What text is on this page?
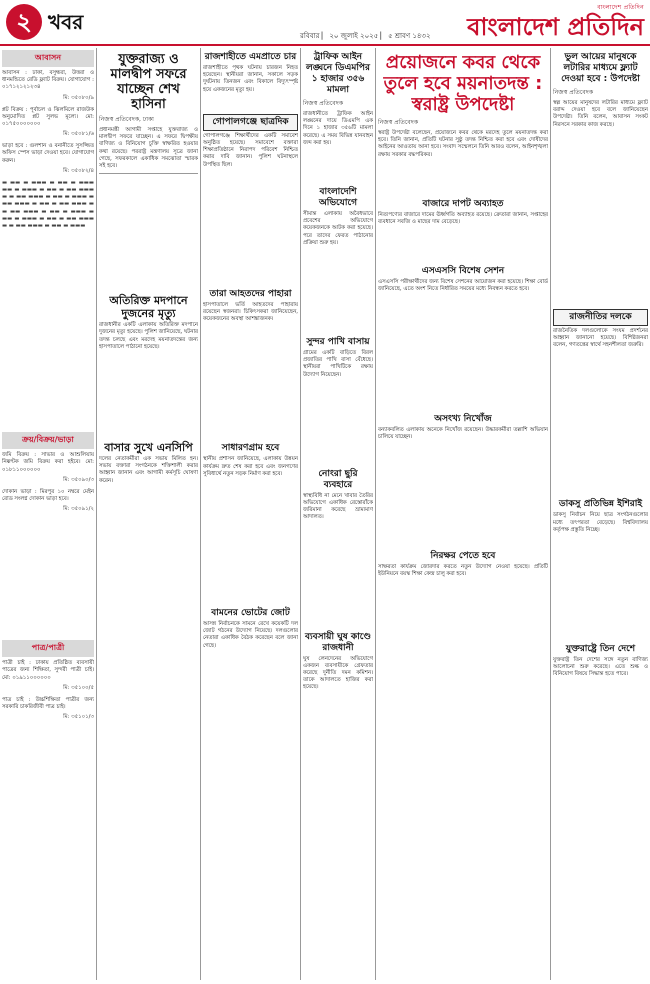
২ খবর
রবিবার ▏ ২০ জুলাই ২০২৫ ▏ ৫ শ্রাবণ ১৪৩২
বাংলাদেশ প্রতিদিন
বাংলাদেশ প্রতিদিন
আবাসন

আবাসন : ঢাকা, বসুন্ধরা, উত্তরা ও ধানমন্ডিতে রেডি ফ্ল্যাট বিক্রয়। যোগাযোগ : ০১৭১২১২১২৩৪

মি: ৩৫০৮০/৯

প্লট বিক্রয় : পূর্বাচল ও ঝিলমিলে রাজউক অনুমোদিত প্লট সুলভ মূল্যে। মো: ০১৭৫০০০০০০০

মি: ৩৫০৮১/৬

ভাড়া হবে : গুলশান ও বনানীতে সুসজ্জিত অফিস স্পেস ভাড়া দেওয়া হবে। যোগাযোগ করুন।

মি: ৩৫০৮২/৪

▬ ▬▬ ▬ ▬▬▬ ▬ ▬▬ ▬ ▬▬▬ ▬▬ ▬ ▬▬▬ ▬ ▬▬ ▬ ▬▬ ▬▬▬ ▬ ▬ ▬▬ ▬▬▬ ▬ ▬▬ ▬ ▬▬▬ ▬ ▬▬ ▬▬▬ ▬ ▬▬ ▬ ▬▬ ▬▬▬ ▬ ▬ ▬▬ ▬▬▬ ▬ ▬▬ ▬ ▬▬▬ ▬ ▬▬ ▬ ▬▬▬ ▬ ▬▬ ▬ ▬▬ ▬▬▬ ▬ ▬ ▬▬ ▬▬▬ ▬ ▬▬ ▬ ▬▬▬

ক্রয়/বিক্রয়/ভাড়া

জমি বিক্রয় : সাভার ও আশুলিয়ায় নিষ্কণ্টক জমি বিক্রয় করা হইবে। মো: ০১৮১১০০০০০০

মি: ৩৫০৯০/৩

দোকান ভাড়া : মিরপুর ১০ নম্বরে মেইন রোড সংলগ্ন দোকান ভাড়া হবে।

মি: ৩৫০৯১/২
পাত্র/পাত্রী

পাত্রী চাই : ঢাকায় প্রতিষ্ঠিত ব্যবসায়ী পাত্রের জন্য শিক্ষিতা, সুন্দরী পাত্রী চাই। মো: ০১৯১১০০০০০০

মি: ৩৫১০০/৫

পাত্র চাই : উচ্চশিক্ষিতা পাত্রীর জন্য সরকারি চাকরিজীবী পাত্র চাই।

মি: ৩৫১০১/৩
যুক্তরাজ্য ও মালদ্বীপ সফরে যাচ্ছেন শেখ হাসিনা
নিজস্ব প্রতিবেদক, ঢাকা

প্রধানমন্ত্রী আগামী সপ্তাহে যুক্তরাজ্য ও মালদ্বীপ সফরে যাচ্ছেন। এ সফরে দ্বিপক্ষীয় বাণিজ্য ও বিনিয়োগ চুক্তি স্বাক্ষরিত হওয়ার কথা রয়েছে। পররাষ্ট্র মন্ত্রণালয় সূত্রে জানা গেছে, সফরকালে একাধিক সমঝোতা স্মারক সই হবে।

অতিরিক্ত মদপানে দুজনের মৃত্যু

রাজধানীর একটি এলাকায় অতিরিক্ত মদপানে দুজনের মৃত্যু হয়েছে। পুলিশ জানিয়েছে, ঘটনার তদন্ত চলছে এবং মরদেহ ময়নাতদন্তের জন্য হাসপাতালে পাঠানো হয়েছে।

বাসার সুখে এনসিপি

দলের নেতাকর্মীরা এক সভায় মিলিত হন। সভায় বক্তারা সংগঠনকে শক্তিশালী করার আহ্বান জানান এবং আগামী কর্মসূচি ঘোষণা করেন।

রাজশাহীতে এমপ্রাতে চার

রাজশাহীতে পৃথক ঘটনায় চারজন নিহত হয়েছেন। স্থানীয়রা জানান, সকালে সড়ক দুর্ঘটনায় তিনজন এবং বিকালে বিদ্যুৎস্পৃষ্ট হয়ে একজনের মৃত্যু হয়।

গোপালগঞ্জে ছাত্রদিক

গোপালগঞ্জে শিক্ষার্থীদের একটি সমাবেশ অনুষ্ঠিত হয়েছে। সমাবেশে বক্তারা শিক্ষাপ্রতিষ্ঠানে নিরাপদ পরিবেশ নিশ্চিত করার দাবি জানান। পুলিশ ঘটনাস্থলে উপস্থিত ছিল।

তারা আহতদের পাহারা

হাসপাতালে ভর্তি আহতদের পাহারায় রয়েছেন স্বজনরা। চিকিৎসকরা জানিয়েছেন, কয়েকজনের অবস্থা আশঙ্কাজনক।

সাধারণগ্রাম হবে

স্থানীয় প্রশাসন জানিয়েছে, এলাকায় উন্নয়ন কার্যক্রম দ্রুত শেষ করা হবে এবং জনগণের সুবিধার্থে নতুন সড়ক নির্মাণ করা হবে।

বামনের ভোটের জোট

আসন্ন নির্বাচনকে সামনে রেখে কয়েকটি দল জোট গঠনের উদ্যোগ নিয়েছে। দলগুলোর নেতারা একাধিক বৈঠক করেছেন বলে জানা গেছে।

ট্রাফিক আইন লঙ্ঘনে ডিএমপির ১ হাজার ৩৫৬ মামলা
নিজস্ব প্রতিবেদক

রাজধানীতে ট্রাফিক আইন লঙ্ঘনের দায়ে ডিএমপি এক দিনে ১ হাজার ৩৫৬টি মামলা করেছে। এ সময় বিভিন্ন যানবাহন জব্দ করা হয়।

বাংলাদেশি অভিযোগে

সীমান্ত এলাকায় অবৈধভাবে প্রবেশের অভিযোগে কয়েকজনকে আটক করা হয়েছে। পরে তাদের ফেরত পাঠানোর প্রক্রিয়া শুরু হয়।

সুন্দর পাখি বাসায়

গ্রামের একটি বাড়িতে বিরল প্রজাতির পাখি বাসা বেঁধেছে। স্থানীয়রা পাখিটিকে রক্ষায় উদ্যোগ নিয়েছেন।

নোংরা ছুরি ব্যবহারে

স্বাস্থ্যবিধি না মেনে খাবার তৈরির অভিযোগে একাধিক রেস্তোরাঁকে জরিমানা করেছে ভ্রাম্যমাণ আদালত।

ব্যবসায়ী ঘুষ কাণ্ডে রাজধানী

ঘুষ লেনদেনের অভিযোগে একজন ব্যবসায়ীকে গ্রেফতার করেছে দুর্নীতি দমন কমিশন। তাকে আদালতে হাজির করা হয়েছে।

প্রয়োজনে কবর থেকে তুলে হবে ময়নাতদন্ত : স্বরাষ্ট্র উপদেষ্টা
নিজস্ব প্রতিবেদক

স্বরাষ্ট্র উপদেষ্টা বলেছেন, প্রয়োজনে কবর থেকে মরদেহ তুলে ময়নাতদন্ত করা হবে। তিনি জানান, প্রতিটি ঘটনার সুষ্ঠু তদন্ত নিশ্চিত করা হবে এবং দোষীদের আইনের আওতায় আনা হবে। সংবাদ সম্মেলনে তিনি আরও বলেন, আইনশৃঙ্খলা রক্ষায় সরকার বদ্ধপরিকর।

বাজারে দাপট অব্যাহত

নিত্যপণ্যের বাজারে দামের ঊর্ধ্বগতি অব্যাহত রয়েছে। ক্রেতারা জানান, সপ্তাহের ব্যবধানে সবজি ও মাছের দাম বেড়েছে।

এসএসসি বিশেষ সেশন

এসএসসি পরীক্ষার্থীদের জন্য বিশেষ সেশনের আয়োজন করা হয়েছে। শিক্ষা বোর্ড জানিয়েছে, এতে অংশ নিতে নির্ধারিত সময়ের মধ্যে নিবন্ধন করতে হবে।

অসংখ্য নিখোঁজ

বন্যাকবলিত এলাকায় অনেকে নিখোঁজ রয়েছেন। উদ্ধারকর্মীরা তল্লাশি অভিযান চালিয়ে যাচ্ছেন।

নিরক্ষর পেতে হবে

সাক্ষরতা কার্যক্রম জোরদার করতে নতুন উদ্যোগ নেওয়া হয়েছে। প্রতিটি ইউনিয়নে বয়স্ক শিক্ষা কেন্দ্র চালু করা হবে।

ভুল আয়ের মানুষকে লটারির মাধ্যমে ফ্ল্যাট দেওয়া হবে : উপদেষ্টা
নিজস্ব প্রতিবেদক

স্বল্প আয়ের মানুষদের লটারির মাধ্যমে ফ্ল্যাট বরাদ্দ দেওয়া হবে বলে জানিয়েছেন উপদেষ্টা। তিনি বলেন, আবাসন সংকট নিরসনে সরকার কাজ করছে।

রাজনীতির দলকে

রাজনৈতিক দলগুলোকে সংযম প্রদর্শনের আহ্বান জানানো হয়েছে। বিশিষ্টজনরা বলেন, গণতন্ত্রের স্বার্থে সহনশীলতা জরুরি।

ডাকসু প্রতিভিন্ন ইশিরাই

ডাকসু নির্বাচন নিয়ে ছাত্র সংগঠনগুলোর মধ্যে তৎপরতা বেড়েছে। বিশ্ববিদ্যালয় কর্তৃপক্ষ প্রস্তুতি নিচ্ছে।

যুক্তরাষ্ট্রে তিন দেশে

যুক্তরাষ্ট্র তিন দেশের সঙ্গে নতুন বাণিজ্য আলোচনা শুরু করেছে। এতে শুল্ক ও বিনিয়োগ বিষয়ে সিদ্ধান্ত হতে পারে।
